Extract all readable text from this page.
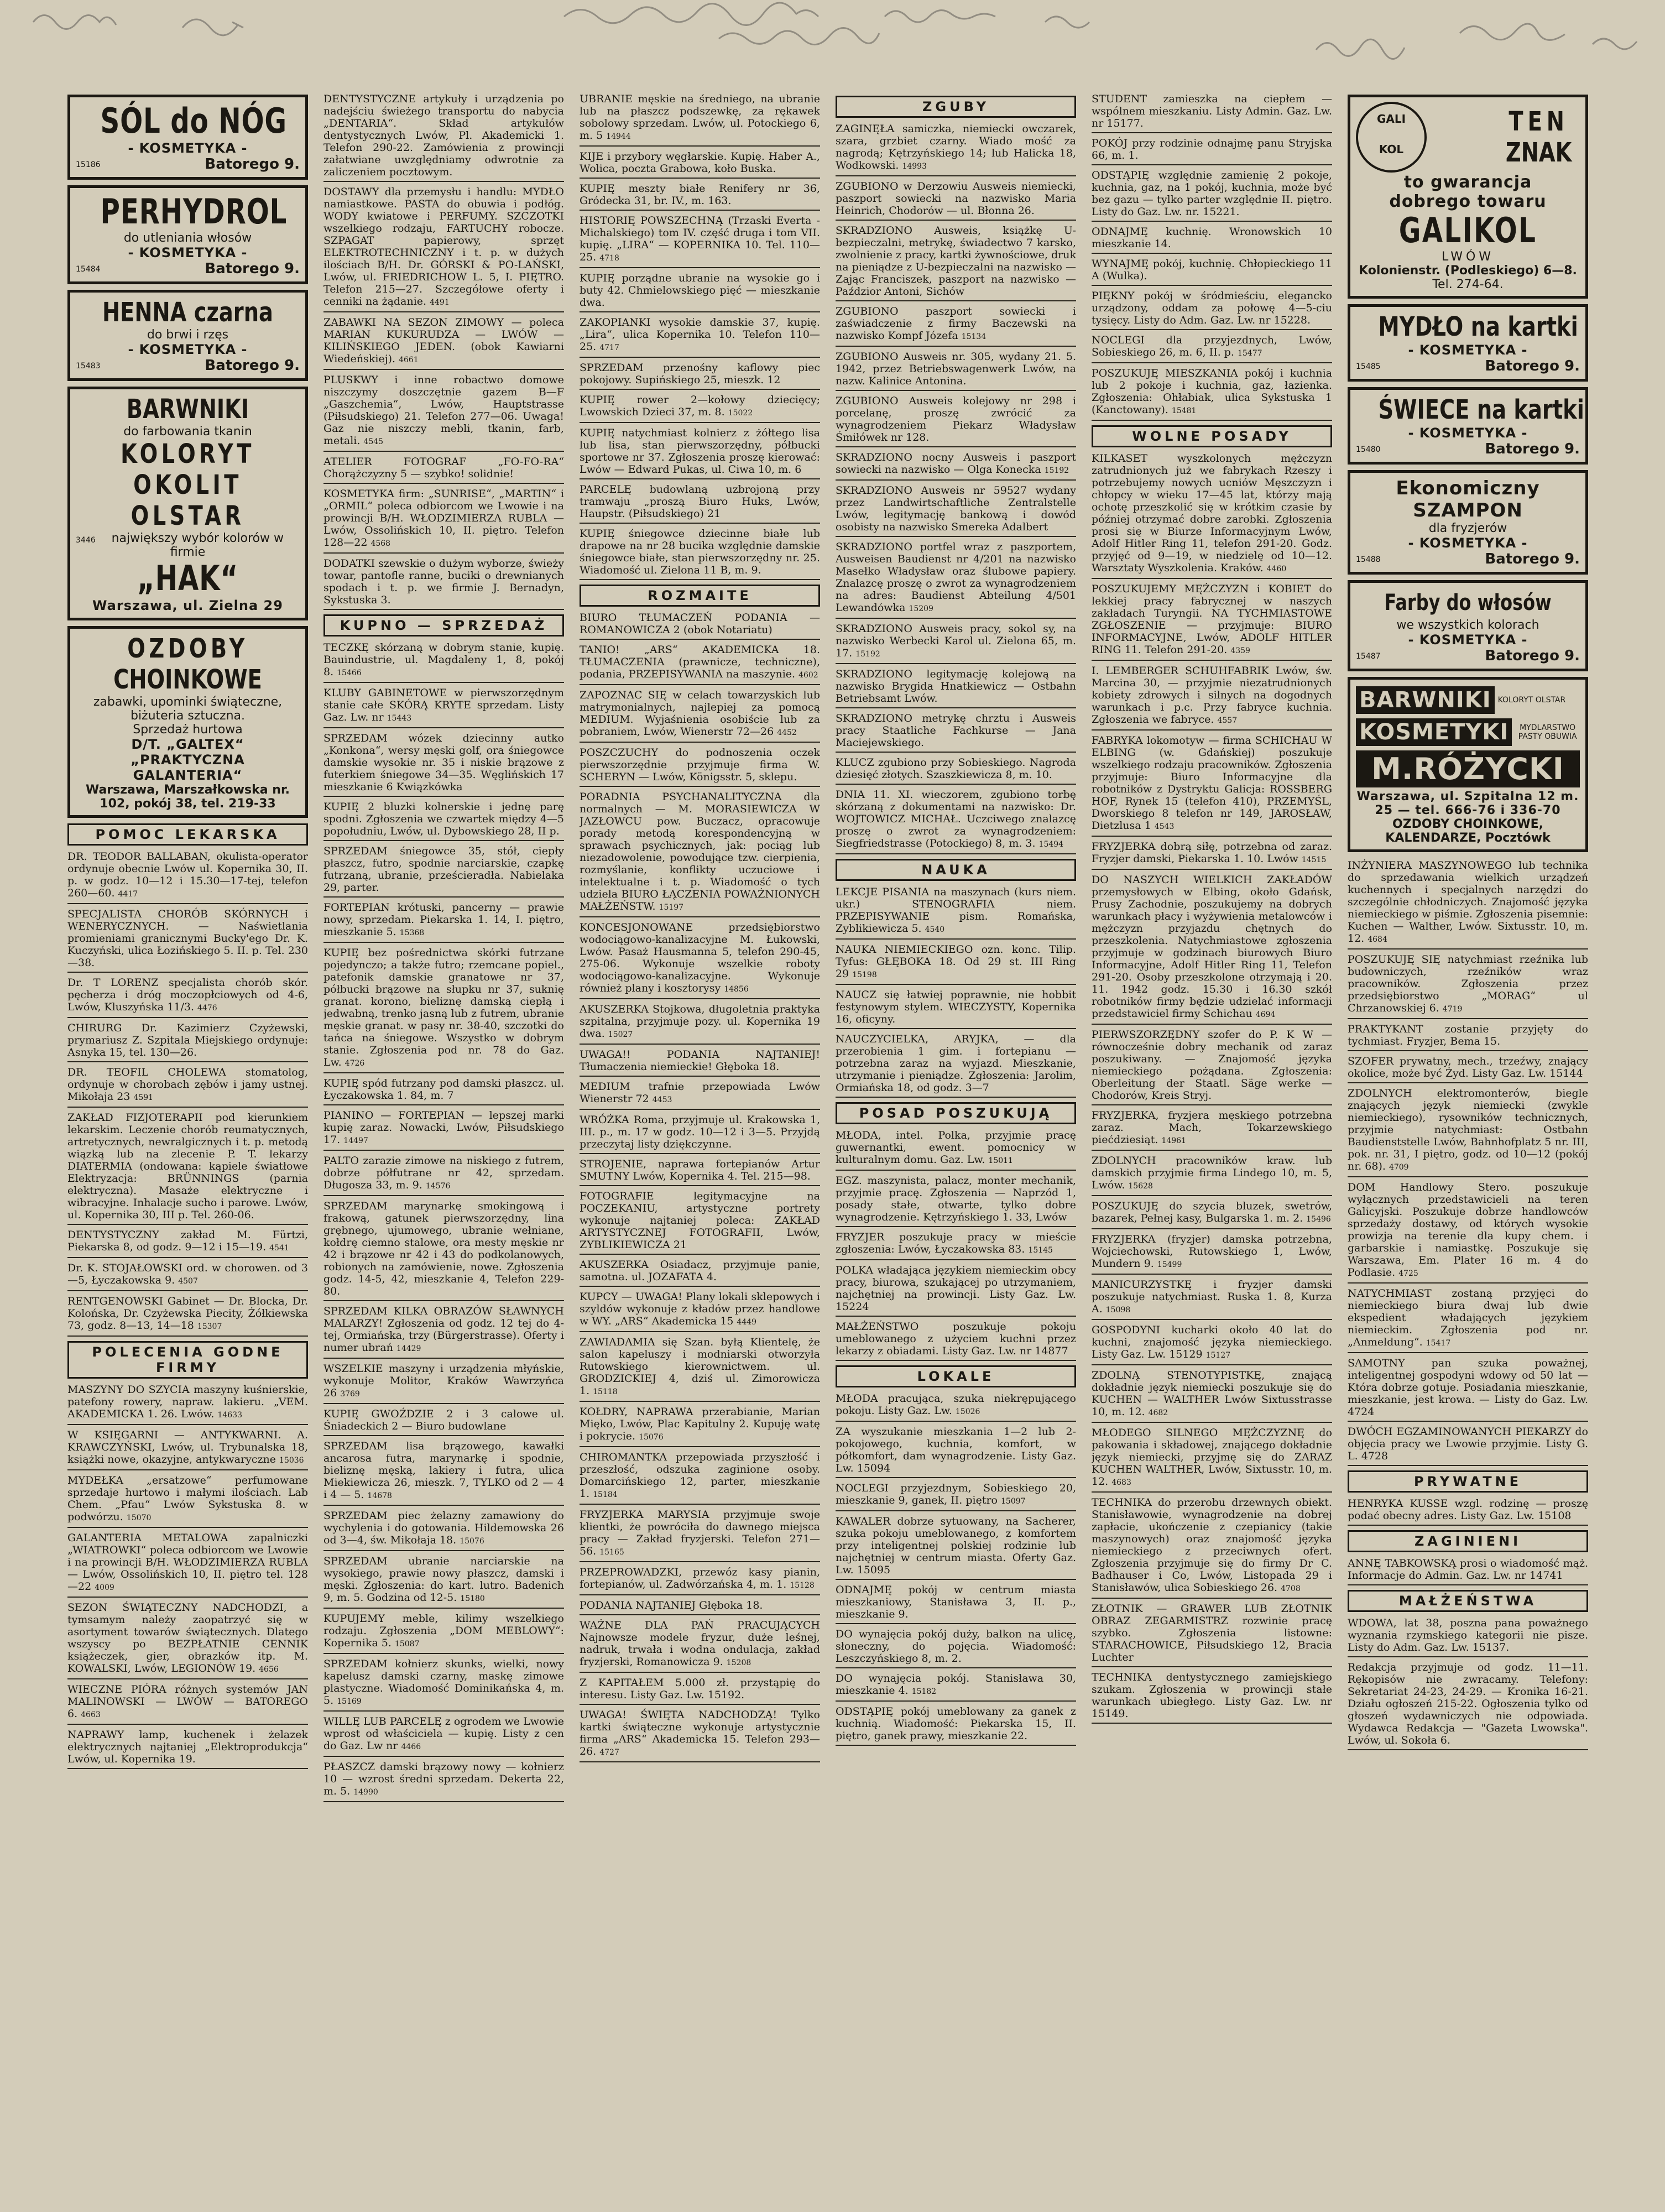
SÓL do NÓG
- KOSMETYKA -
15186	Batorego 9.
PERHYDROL
do utleniania włosów
- KOSMETYKA -
15484	Batorego 9.
HENNA czarna
do brwi i rzęs
- KOSMETYKA -
15483	Batorego 9.
BARWNIKI
do farbowania tkanin
KOLORYT
OKOLIT
OLSTAR
3446	największy wybór kolorów w firmie
„HAK“
Warszawa, ul. Zielna 29
OZDOBY
CHOINKOWE
zabawki, upominki świąteczne, biżuteria sztuczna.
Sprzedaż hurtowa
D/T. „GALTEX“
„PRAKTYCZNA GALANTERIA“
Warszawa, Marszałkowska nr. 102, pokój 38, tel. 219-33
POMOC LEKARSKA
DR. TEODOR BALLABAN, okulista-operator ordynuje obecnie Lwów ul. Kopernika 30, II. p. w godz. 10—12 i 15.30—17-tej, telefon 260—60. 4417
SPECJALISTA CHORÓB SKÓRNYCH i WENERYCZNYCH. — Naświetlania promieniami granicznymi Bucky'ego Dr. K. Kuczyński, ulica Łozińskiego 5. II. p. Tel. 230—38.
Dr. T LORENZ specjalista chorób skór. pęcherza i dróg moczopłciowych od 4-6, Lwów, Kluszyńska 11/3. 4476
CHIRURG Dr. Kazimierz Czyżewski, prymariusz Z. Szpitala Miejskiego ordynuje: Asnyka 15, tel. 130—26.
DR. TEOFIL CHOLEWA stomatolog, ordynuje w chorobach zębów i jamy ustnej. Mikołaja 23 4591
ZAKŁAD FIZJOTERAPII pod kierunkiem lekarskim. Leczenie chorób reumatycznych, artretycznych, newralgicznych i t. p. metodą wiązką lub na zlecenie P. T. lekarzy DIATERMIA (ondowana: kąpiele światłowe Elektryzacja: BRÜNNINGS (parnia elektryczna). Masaże elektryczne i wibracyjne. Inhalacje sucho i parowe. Lwów, ul. Kopernika 30, III p. Tel. 260-06.
DENTYSTYCZNY zakład M. Fürtzi, Piekarska 8, od godz. 9—12 i 15—19. 4541
Dr. K. STOJAŁOWSKI ord. w chorowen. od 3—5, Łyczakowska 9. 4507
RENTGENOWSKI Gabinet — Dr. Blocka, Dr. Kolońska, Dr. Czyżewska Piecity, Żółkiewska 73, godz. 8—13, 14—18 15307
POLECENIA GODNE FIRMY
MASZYNY DO SZYCIA maszyny kuśnierskie, patefony rowery, napraw. lakieru. „VEM. AKADEMICKA 1. 26. Lwów. 14633
W KSIĘGARNI — ANTYKWARNI. A. KRAWCZYŃSKI, Lwów, ul. Trybunalska 18, książki nowe, okazyjne, antykwaryczne 15036
MYDEŁKA „ersatzowe“ perfumowane sprzedaje hurtowo i małymi ilościach. Lab Chem. „Pfau“ Lwów Sykstuska 8. w podwórzu. 15070
GALANTERIA METALOWA zapalniczki „WIATROWKI“ poleca odbiorcom we Lwowie i na prowincji B/H. WŁODZIMIERZA RUBLA — Lwów, Ossolińskich 10, II. piętro tel. 128—22 4009
SEZON ŚWIĄTECZNY NADCHODZI, a tymsamym należy zaopatrzyć się w asortyment towarów świątecznych. Dlatego wszyscy po BEZPŁATNIE CENNIK książeczek, gier, obrazków itp. M. KOWALSKI, Lwów, LEGIONÓW 19. 4656
WIECZNE PIÓRA różnych systemów JAN MALINOWSKI — LWÓW — BATOREGO 6. 4663
NAPRAWY lamp, kuchenek i żelazek elektrycznych najtaniej „Elektroprodukcja“ Lwów, ul. Kopernika 19.
DENTYSTYCZNE artykuły i urządzenia po nadejściu świeżego transportu do nabycia „DENTARIA“. Skład artykułów dentystycznych Lwów, Pl. Akademicki 1. Telefon 290-22. Zamówienia z prowincji załatwiane uwzględniamy odwrotnie za zaliczeniem pocztowym.
DOSTAWY dla przemysłu i handlu: MYDŁO namiastkowe. PASTA do obuwia i podłóg. WODY kwiatowe i PERFUMY. SZCZOTKI wszelkiego rodzaju, FARTUCHY robocze. SZPAGAT papierowy, sprzęt ELEKTROTECHNICZNY i t. p. w dużych ilościach B/H. Dr. GÓRSKI & PO-LAŃSKI, Lwów, ul. FRIEDRICHOW L. 5, I. PIĘTRO. Telefon 215—27. Szczegółowe oferty i cenniki na żądanie. 4491
ZABAWKI NA SEZON ZIMOWY — poleca MARIAN KUKURUDZA — LWÓW — KILIŃSKIEGO JEDEN. (obok Kawiarni Wiedeńskiej). 4661
PLUSKWY i inne robactwo domowe niszczymy doszczętnie gazem B—F „Gaszchemia“, Lwów, Hauptstrasse (Piłsudskiego) 21. Telefon 277—06. Uwaga! Gaz nie niszczy mebli, tkanin, farb, metali. 4545
ATELIER FOTOGRAF „FO-FO-RA“ Chorążczyzny 5 — szybko! solidnie!
KOSMETYKA firm: „SUNRISE“, „MARTIN“ i „ORMIL“ poleca odbiorcom we Lwowie i na prowincji B/H. WŁODZIMIERZA RUBLA — Lwów, Ossolińskich 10, II. piętro. Telefon 128—22 4568
DODATKI szewskie o dużym wyborze, świeży towar, pantofle ranne, buciki o drewnianych spodach i t. p. we firmie J. Bernadyn, Sykstuska 3.
KUPNO — SPRZEDAŻ
TECZKĘ skórzaną w dobrym stanie, kupię. Bauindustrie, ul. Magdaleny 1, 8, pokój 8. 15466
KLUBY GABINETOWE w pierwszorzędnym stanie całe SKÓRĄ KRYTE sprzedam. Listy Gaz. Lw. nr 15443
SPRZEDAM wózek dziecinny autko „Konkona“, wersy męski golf, ora śniegowce damskie wysokie nr. 35 i niskie brązowe z futerkiem śniegowe 34—35. Węglińskich 17 mieszkanie 6 Kwiązkówka
KUPIĘ 2 bluzki kolnerskie i jednę parę spodni. Zgłoszenia we czwartek między 4—5 popołudniu, Lwów, ul. Dybowskiego 28, II p.
SPRZEDAM śniegowce 35, stół, ciepły płaszcz, futro, spodnie narciarskie, czapkę futrzaną, ubranie, prześcieradła. Nabielaka 29, parter.
FORTEPIAN krótuski, pancerny — prawie nowy, sprzedam. Piekarska 1. 14, I. piętro, mieszkanie 5. 15368
KUPIĘ bez pośrednictwa skórki futrzane pojedynczo; a także futro; rzemcane popiel., patefonik damskie granatowe nr 37, półbucki brązowe na słupku nr 37, suknię granat. korono, bieliznę damską ciepłą i jedwabną, trenko jasną lub z futrem, ubranie męskie granat. w pasy nr. 38-40, szczotki do tańca na śniegowe. Wszystko w dobrym stanie. Zgłoszenia pod nr. 78 do Gaz. Lw. 4726
KUPIĘ spód futrzany pod damski płaszcz. ul. Łyczakowska 1. 84, m. 7
PIANINO — FORTEPIAN — lepszej marki kupię zaraz. Nowacki, Lwów, Piłsudskiego 17. 14497
PALTO zarazie zimowe na niskiego z futrem, dobrze półfutrane nr 42, sprzedam. Długosza 33, m. 9. 14576
SPRZEDAM marynarkę smokingową i frakową, gatunek pierwszorzędny, lina grębnego, ujumowego, ubranie wełniane, kołdrę ciemno stalowe, ora mesty męskie nr 42 i brązowe nr 42 i 43 do podkolanowych, robionych na zamówienie, nowe. Zgłoszenia godz. 14-5, 42, mieszkanie 4, Telefon 229-80.
SPRZEDAM KILKA OBRAZÓW SŁAWNYCH MALARZY! Zgłoszenia od godz. 12 tej do 4-tej, Ormiańska, trzy (Bürgerstrasse). Oferty i numer ubrań 14429
WSZELKIE maszyny i urządzenia młyńskie, wykonuje Molitor, Kraków Wawrzyńca 26 3769
KUPIĘ GWOŹDZIE 2 i 3 calowe ul. Śniadeckich 2 — Biuro budowlane
SPRZEDAM lisa brązowego, kawałki ancarosa futra, marynarkę i spodnie, bieliznę męską, lakiery i futra, ulica Miekiewicza 26, mieszk. 7, TYLKO od 2 — 4 i 4 — 5. 14678
SPRZEDAM piec żelazny zamawiony do wychylenia i do gotowania. Hildemowska 26 od 3—4, św. Mikołaja 18. 15076
SPRZEDAM ubranie narciarskie na wysokiego, prawie nowy płaszcz, damski i męski. Zgłoszenia: do kart. lutro. Badenich 9, m. 5. Godzina od 12-5. 15180
KUPUJEMY meble, kilimy wszelkiego rodzaju. Zgłoszenia „DOM MEBLOWY“: Kopernika 5. 15087
SPRZEDAM kołnierz skunks, wielki, nowy kapelusz damski czarny, maskę zimowe plastyczne. Wiadomość Dominikańska 4, m. 5. 15169
WILLĘ LUB PARCELĘ z ogrodem we Lwowie wprost od właściciela — kupię. Listy z cen do Gaz. Lw nr 4466
PŁASZCZ damski brązowy nowy — kołnierz 10 — wzrost średni sprzedam. Dekerta 22, m. 5. 14990
UBRANIE męskie na średniego, na ubranie lub na płaszcz podszewkę, za rękawek sobolowy sprzedam. Lwów, ul. Potockiego 6, m. 5 14944
KIJE i przybory węgłarskie. Kupię. Haber A., Wolica, poczta Grabowa, koło Buska.
KUPIĘ meszty białe Renifery nr 36, Gródecka 31, br. IV., m. 163.
HISTORIĘ POWSZECHNĄ (Trzaski Everta - Michalskiego) tom IV. część druga i tom VII. kupię. „LIRA“ — KOPERNIKA 10. Tel. 110—25. 4718
KUPIĘ porządne ubranie na wysokie go i buty 42. Chmielowskiego pięć — mieszkanie dwa.
ZAKOPIANKI wysokie damskie 37, kupię. „Lira“, ulica Kopernika 10. Telefon 110—25. 4717
SPRZEDAM przenośny kaflowy piec pokojowy. Supińskiego 25, mieszk. 12
KUPIĘ rower 2—kołowy dziecięcy; Lwowskich Dzieci 37, m. 8. 15022
KUPIĘ natychmiast kolnierz z żółtego lisa lub lisa, stan pierwszorzędny, półbucki sportowe nr 37. Zgłoszenia proszę kierować: Lwów — Edward Pukas, ul. Ciwa 10, m. 6
PARCELĘ budowlaną uzbrojoną przy tramwaju „proszą Biuro Huks, Lwów, Haupstr. (Piłsudskiego) 21
KUPIĘ śniegowce dziecinne białe lub drapowe na nr 28 bucika względnie damskie śniegowce białe, stan pierwszorzędny nr. 25. Wiadomość ul. Zielona 11 B, m. 9.
ROZMAITE
BIURO TŁUMACZEŃ PODANIA — ROMANOWICZA 2 (obok Notariatu)
TANIO! „ARS“ AKADEMICKA 18. TŁUMACZENIA (prawnicze, techniczne), podania, PRZEPISYWANIA na maszynie. 4602
ZAPOZNAC SIĘ w celach towarzyskich lub matrymonialnych, najlepiej za pomocą MEDIUM. Wyjaśnienia osobiście lub za pobraniem, Lwów, Wienerstr 72—26 4452
POSZCZUCHY do podnoszenia oczek pierwszorzędnie przyjmuje firma W. SCHERYN — Lwów, Königsstr. 5, sklepu.
PORADNIA PSYCHANALITYCZNA dla normalnych — M. MORASIEWICZA W JAZŁOWCU pow. Buczacz, opracowuje porady metodą korespondencyjną w sprawach psychicznych, jak: pociąg lub niezadowolenie, powodujące tzw. cierpienia, rozmyślanie, konflikty uczuciowe i intelektualne i t. p. Wiadomość o tych udziela BIURO ŁĄCZENIA POWAŻNIONYCH MAŁŻEŃSTW. 15197
KONCESJONOWANE przedsiębiorstwo wodociągowo-kanalizacyjne M. Łukowski, Lwów. Pasaż Hausmanna 5, telefon 290-45, 275-06. Wykonuje wszelkie roboty wodociągowo-kanalizacyjne. Wykonuje również plany i kosztorysy 14856
AKUSZERKA Stojkowa, długoletnia praktyka szpitalna, przyjmuje pozy. ul. Kopernika 19 dwa. 15027
UWAGA!! PODANIA NAJTANIEJ! Tłumaczenia niemieckie! Głęboka 18.
MEDIUM trafnie przepowiada Lwów Wienerstr 72 4453
WRÓŻKA Roma, przyjmuje ul. Krakowska 1, III. p., m. 17 w godz. 10—12 i 3—5. Przyjdą przeczytaj listy dziękczynne.
STROJENIE, naprawa fortepianów Artur SMUTNY Lwów, Kopernika 4. Tel. 215—98.
FOTOGRAFIE legitymacyjne na POCZEKANIU, artystyczne portrety wykonuje najtaniej poleca: ZAKŁAD ARTYSTYCZNEJ FOTOGRAFII, Lwów, ZYBLIKIEWICZA 21
AKUSZERKA Osiadacz, przyjmuje panie, samotna. ul. JOZAFATA 4.
KUPCY — UWAGA! Plany lokali sklepowych i szyldów wykonuje z kładów przez handlowe w WY. „ARS“ Akademicka 15 4449
ZAWIADAMIA się Szan. byłą Klientelę, że salon kapeluszy i modniarski otworzyła Rutowskiego kierownictwem. ul. GRODZICKIEJ 4, dziś ul. Zimorowicza 1. 15118
KOŁDRY, NAPRAWA przerabianie, Marian Mięko, Lwów, Plac Kapitulny 2. Kupuję watę i pokrycie. 15076
CHIROMANTKA przepowiada przyszłość i przeszłość, odszuka zaginione osoby. Domarcińskiego 12, parter, mieszkanie 1. 15184
FRYZJERKA MARYSIA przyjmuje swoje klientki, że powróciła do dawnego miejsca pracy — Zakład fryzjerski. Telefon 271—56. 15165
PRZEPROWADZKI, przewóz kasy pianin, fortepianów, ul. Zadwórzańska 4, m. 1. 15128
PODANIA NAJTANIEJ Głęboka 18.
WAŻNE DLA PAŃ PRACUJĄCYCH Najnowsze modele fryzur, duże leśnej, nadruk, trwała i wodna ondulacja, zakład fryzjerski, Romanowicza 9. 15208
Z KAPITAŁEM 5.000 zł. przystąpię do interesu. Listy Gaz. Lw. 15192.
UWAGA! ŚWIĘTA NADCHODZĄ! Tylko kartki świąteczne wykonuje artystycznie firma „ARS“ Akademicka 15. Telefon 293—26. 4727
ZGUBY
ZAGINĘŁA samiczka, niemiecki owczarek, szara, grzbiet czarny. Wiado mość za nagrodą; Kętrzyńskiego 14; lub Halicka 18, Wodkowski. 14993
ZGUBIONO w Derzowiu Ausweis niemiecki, paszport sowiecki na nazwisko Maria Heinrich, Chodorów — ul. Błonna 26.
SKRADZIONO Ausweis, książkę U-bezpieczalni, metrykę, świadectwo 7 karsko, zwolnienie z pracy, kartki żywnościowe, druk na pieniądze z U-bezpieczalni na nazwisko — Zając Franciszek, paszport na nazwisko — Paździor Antoni, Sichów
ZGUBIONO paszport sowiecki i zaświadczenie z firmy Baczewski na nazwisko Kompf Józefa 15134
ZGUBIONO Ausweis nr. 305, wydany 21. 5. 1942, przez Betriebswagenwerk Lwów, na nazw. Kalinice Antonina.
ZGUBIONO Ausweis kolejowy nr 298 i porcelanę, proszę zwrócić za wynagrodzeniem Piekarz Władysław Śmiłówek nr 128.
SKRADZIONO nocny Ausweis i paszport sowiecki na nazwisko — Olga Konecka 15192
SKRADZIONO Ausweis nr 59527 wydany przez Landwirtschaftliche Zentralstelle Lwów, legitymację bankową i dowód osobisty na nazwisko Smereka Adalbert
SKRADZIONO portfel wraz z paszportem, Ausweisen Baudienst nr 4/201 na nazwisko Masełko Władysław oraz ślubowe papiery. Znalazcę proszę o zwrot za wynagrodzeniem na adres: Baudienst Abteilung 4/501 Lewandówka 15209
SKRADZIONO Ausweis pracy, sokol sy, na nazwisko Werbecki Karol ul. Zielona 65, m. 17. 15192
SKRADZIONO legitymację kolejową na nazwisko Brygida Hnatkiewicz — Ostbahn Betriebsamt Lwów.
SKRADZIONO metrykę chrztu i Ausweis pracy Staatliche Fachkurse — Jana Maciejewskiego.
KLUCZ zgubiono przy Sobieskiego. Nagroda dziesięć złotych. Szaszkiewicza 8, m. 10.
DNIA 11. XI. wieczorem, zgubiono torbę skórzaną z dokumentami na nazwisko: Dr. WOJTOWICZ MICHAŁ. Uczciwego znalazcę proszę o zwrot za wynagrodzeniem: Siegfriedstrasse (Potockiego) 8, m. 3. 15494
NAUKA
LEKCJE PISANIA na maszynach (kurs niem. ukr.) STENOGRAFIA niem. PRZEPISYWANIE pism. Romańska, Zyblikiewicza 5. 4540
NAUKA NIEMIECKIEGO ozn. konc. Tilip. Tyfus: GŁĘBOKA 18. Od 29 st. III Ring 29 15198
NAUCZ się łatwiej poprawnie, nie hobbit festynowym stylem. WIECZYSTY, Kopernika 16, oficyny.
NAUCZYCIELKA, ARYJKA, — dla przerobienia 1 gim. i fortepianu — potrzebna zaraz na wyjazd. Mieszkanie, utrzymanie i pieniądze. Zgłoszenia: Jarolim, Ormiańska 18, od godz. 3—7
POSAD POSZUKUJĄ
MŁODA, intel. Polka, przyjmie pracę guwernantki, ewent. pomocnicy w kulturalnym domu. Gaz. Lw. 15011
EGZ. maszynista, palacz, monter mechanik, przyjmie pracę. Zgłoszenia — Naprzód 1, posady stałe, otwarte, tylko dobre wynagrodzenie. Kętrzyńskiego 1. 33, Lwów
FRYZJER poszukuje pracy w mieście zgłoszenia: Lwów, Łyczakowska 83. 15145
POLKA władająca językiem niemieckim obcy pracy, biurowa, szukającej po utrzymaniem, najchętniej na prowincji. Listy Gaz. Lw. 15224
MAŁŻEŃSTWO poszukuje pokoju umeblowanego z użyciem kuchni przez lekarzy z obiadami. Listy Gaz. Lw. nr 14877
LOKALE
MŁODA pracująca, szuka niekrępującego pokoju. Listy Gaz. Lw. 15026
ZA wyszukanie mieszkania 1—2 lub 2-pokojowego, kuchnia, komfort, w półkomfort, dam wynagrodzenie. Listy Gaz. Lw. 15094
NOCLEGI przyjezdnym, Sobieskiego 20, mieszkanie 9, ganek, II. piętro 15097
KAWALER dobrze sytuowany, na Sacherer, szuka pokoju umeblowanego, z komfortem przy inteligentnej polskiej rodzinie lub najchętniej w centrum miasta. Oferty Gaz. Lw. 15095
ODNAJMĘ pokój w centrum miasta mieszkaniowy, Stanisława 3, II. p., mieszkanie 9.
DO wynajęcia pokój duży, balkon na ulicę, słoneczny, do pojęcia. Wiadomość: Leszczyńskiego 8, m. 2.
DO wynajęcia pokój. Stanisława 30, mieszkanie 4. 15182
ODSTĄPIĘ pokój umeblowany za ganek z kuchnią. Wiadomość: Piekarska 15, II. piętro, ganek prawy, mieszkanie 22.
STUDENT zamieszka na ciepłem — wspólnem mieszkaniu. Listy Admin. Gaz. Lw. nr 15177.
POKÓJ przy rodzinie odnajmę panu Stryjska 66, m. 1.
ODSTĄPIĘ względnie zamienię 2 pokoje, kuchnia, gaz, na 1 pokój, kuchnia, może być bez gazu — tylko parter względnie II. piętro. Listy do Gaz. Lw. nr. 15221.
ODNAJMĘ kuchnię. Wronowskich 10 mieszkanie 14.
WYNAJMĘ pokój, kuchnię. Chłopieckiego 11 A (Wulka).
PIĘKNY pokój w śródmieściu, elegancko urządzony, oddam za połowę 4—5-ciu tysięcy. Listy do Adm. Gaz. Lw. nr 15228.
NOCLEGI dla przyjezdnych, Lwów, Sobieskiego 26, m. 6, II. p. 15477
POSZUKUJĘ MIESZKANIA pokój i kuchnia lub 2 pokoje i kuchnia, gaz, łazienka. Zgłoszenia: Ohłabiak, ulica Sykstuska 1 (Kanctowany). 15481
WOLNE POSADY
KILKASET wyszkolonych mężczyzn zatrudnionych już we fabrykach Rzeszy i potrzebujemy nowych ucniów Męszczyzn i chłopcy w wieku 17—45 lat, którzy mają ochotę przeszkolić się w krótkim czasie by później otrzymać dobre zarobki. Zgłoszenia prosi się w Biurze Informacyjnym Lwów, Adolf Hitler Ring 11, telefon 291-20. Godz. przyjęć od 9—19, w niedzielę od 10—12. Warsztaty Wyszkolenia. Kraków. 4460
POSZUKUJEMY MĘŻCZYZN i KOBIET do lekkiej pracy fabrycznej w naszych zakładach Turyngii. NA TYCHMIASTOWE ZGŁOSZENIE — przyjmuje: BIURO INFORMACYJNE, Lwów, ADOLF HITLER RING 11. Telefon 291-20. 4359
I. LEMBERGER SCHUHFABRIK Lwów, św. Marcina 30, — przyjmie niezatrudnionych kobiety zdrowych i silnych na dogodnych warunkach i p.c. Przy fabryce kuchnia. Zgłoszenia we fabryce. 4557
FABRYKA lokomotyw — firma SCHICHAU W ELBING (w. Gdańskiej) poszukuje wszelkiego rodzaju pracowników. Zgłoszenia przyjmuje: Biuro Informacyjne dla robotników z Dystryktu Galicja: ROSSBERG HOF, Rynek 15 (telefon 410), PRZEMYŚL, Dworskiego 8 telefon nr 149, JAROSŁAW, Dietzlusa 1 4543
FRYZJERKA dobrą siłę, potrzebna od zaraz. Fryzjer damski, Piekarska 1. 10. Lwów 14515
DO NASZYCH WIELKICH ZAKŁADÓW przemysłowych w Elbing, około Gdańsk, Prusy Zachodnie, poszukujemy na dobrych warunkach płacy i wyżywienia metalowców i mężczyzn przyjazdu chętnych do przeszkolenia. Natychmiastowe zgłoszenia przyjmuje w godzinach biurowych Biuro Informacyjne, Adolf Hitler Ring 11, Telefon 291-20. Osoby przeszkolone otrzymają i 20. 11. 1942 godz. 15.30 i 16.30 szkół robotników firmy będzie udzielać informacji przedstawiciel firmy Schichau 4694
PIERWSZORZĘDNY szofer do P. K W — równocześnie dobry mechanik od zaraz poszukiwany. — Znajomość języka niemieckiego pożądana. Zgłoszenia: Oberleitung der Staatl. Säge werke — Chodorów, Kreis Stryj.
FRYZJERKA, fryzjera męskiego potrzebna zaraz. Mach, Tokarzewskiego piećdziesiąt. 14961
ZDOLNYCH pracowników kraw. lub damskich przyjmie firma Lindego 10, m. 5, Lwów. 15628
POSZUKUJĘ do szycia bluzek, swetrów, bazarek, Pełnej kasy, Bulgarska 1. m. 2. 15496
FRYZJERKA (fryzjer) damska potrzebna, Wojciechowski, Rutowskiego 1, Lwów, Mundern 9. 15499
MANICURZYSTKĘ i fryzjer damski poszukuje natychmiast. Ruska 1. 8, Kurza A. 15098
GOSPODYNI kucharki około 40 lat do kuchni, znajomość języka niemieckiego. Listy Gaz. Lw. 15129 15127
ZDOLNĄ STENOTYPISTKĘ, znającą dokładnie język niemiecki poszukuje się do KUCHEN — WALTHER Lwów Sixtusstrasse 10, m. 12. 4682
MŁODEGO SILNEGO MĘŻCZYZNĘ do pakowania i składowej, znającego dokładnie język niemiecki, przyjmę się do ZARAZ KUCHEN WALTHER, Lwów, Sixtusstr. 10, m. 12. 4683
TECHNIKA do przerobu drzewnych obiekt. Stanisławowie, wynagrodzenie na dobrej zapłacie, ukończenie z czepianicy (takie maszynowych) oraz znajomość języka niemieckiego z przeciwnych ofert. Zgłoszenia przyjmuje się do firmy Dr C. Badhauser i Co, Lwów, Listopada 29 i Stanisławów, ulica Sobieskiego 26. 4708
ZŁOTNIK — GRAWER LUB ZŁOTNIK OBRAZ ZEGARMISTRZ rozwinie pracę szybko. Zgłoszenia listowne: STARACHOWICE, Piłsudskiego 12, Bracia Luchter
TECHNIKA dentystycznego zamiejskiego szukam. Zgłoszenia w prowincji stałe warunkach ubiegłego. Listy Gaz. Lw. nr 15149.
GALI
KOL
TEN
ZNAK
to gwarancja
dobrego towaru
GALIKOL
LWÓW
Kolonienstr. (Podleskiego) 6—8.
Tel. 274-64.
MYDŁO na kartki
- KOSMETYKA -
15485	Batorego 9.
ŚWIECE na kartki
- KOSMETYKA -
15480	Batorego 9.
Ekonomiczny SZAMPON
dla fryzjerów
- KOSMETYKA -
15488	Batorego 9.
Farby do włosów
we wszystkich kolorach
- KOSMETYKA -
15487	Batorego 9.
BARWNIKI KOLORYT OLSTAR
KOSMETYKI	MYDLARSTWO PASTY OBUWIA
M.RÓŻYCKI
Warszawa, ul. Szpitalna 12 m. 25 — tel. 666-76 i 336-70
OZDOBY CHOINKOWE, KALENDARZE, Pocztówk
INŻYNIERA MASZYNOWEGO lub technika do sprzedawania wielkich urządzeń kuchennych i specjalnych narzędzi do szczególnie chłodniczych. Znajomość języka niemieckiego w piśmie. Zgłoszenia pisemnie: Kuchen — Walther, Lwów. Sixtusstr. 10, m. 12. 4684
POSZUKUJĘ SIĘ natychmiast rzeźnika lub budowniczych, rzeźników wraz pracowników. Zgłoszenia przez przedsiębiorstwo „MORAG“ ul Chrzanowskiej 6. 4719
PRAKTYKANT zostanie przyjęty do tychmiast. Fryzjer, Bema 15.
SZOFER prywatny, mech., trzeźwy, znający okolice, może być Żyd. Listy Gaz. Lw. 15144
ZDOLNYCH elektromonterów, biegle znających język niemiecki (zwykle niemieckiego), rysowników technicznych, przyjmie natychmiast: Ostbahn Baudienststelle Lwów, Bahnhofplatz 5 nr. III, pok. nr. 31, I piętro, godz. od 10—12 (pokój nr. 68). 4709
DOM Handlowy Stero. poszukuje wyłącznych przedstawicieli na teren Galicyjski. Poszukuje dobrze handlowców sprzedaży dostawy, od których wysokie prowizja na terenie dla kupy chem. i garbarskie i namiastkę. Poszukuje się Warszawa, Em. Plater 16 m. 4 do Podlasie. 4725
NATYCHMIAST zostaną przyjęci do niemieckiego biura dwaj lub dwie ekspedient władających językiem niemieckim. Zgłoszenia pod nr. „Anmeldung“. 15417
SAMOTNY pan szuka poważnej, inteligentnej gospodyni wdowy od 50 lat — Która dobrze gotuje. Posiadania mieszkanie, mieszkanie, jest krowa. — Listy do Gaz. Lw. 4724
DWÓCH EGZAMINOWANYCH PIEKARZY do objęcia pracy we Lwowie przyjmie. Listy G. L. 4728
PRYWATNE
HENRYKA KUSSE wzgl. rodzinę — proszę podać obecny adres. Listy Gaz. Lw. 15108
ZAGINIENI
ANNĘ TABKOWSKĄ prosi o wiadomość mąż. Informacje do Admin. Gaz. Lw. nr 14741
MAŁŻEŃSTWA
WDOWA, lat 38, poszna pana poważnego wyznania rzymskiego kategorii nie pisze. Listy do Adm. Gaz. Lw. 15137.
Redakcja przyjmuje od godz. 11—11. Rękopisów nie zwracamy. Telefony: Sekretariat 24-23, 24-29. — Kronika 16-21. Działu ogłoszeń 215-22. Ogłoszenia tylko od głoszeń wydawniczych nie odpowiada. Wydawca Redakcja — "Gazeta Lwowska". Lwów, ul. Sokoła 6.
